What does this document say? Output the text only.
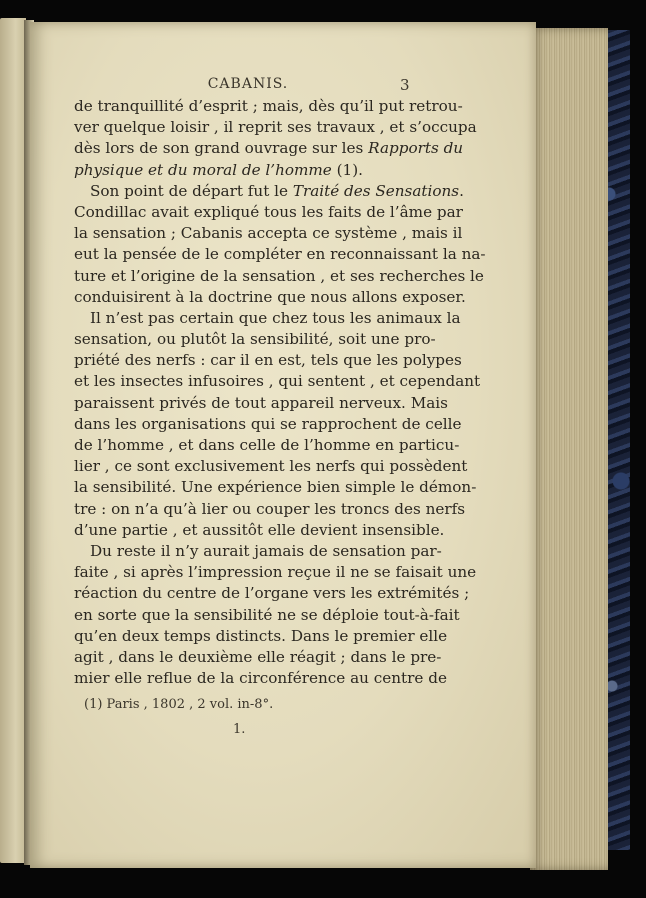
CABANIS.	3
de tranquillité d’esprit ; mais, dès qu’il put retrou-
ver quelque loisir , il reprit ses travaux , et s’occupa
dès lors de son grand ouvrage sur les Rapports du
physique et du moral de l’homme (1).
Son point de départ fut le Traité des Sensations.
Condillac avait expliqué tous les faits de l’âme par
la sensation ; Cabanis accepta ce système , mais il
eut la pensée de le compléter en reconnaissant la na-
ture et l’origine de la sensation , et ses recherches le
conduisirent à la doctrine que nous allons exposer.
Il n’est pas certain que chez tous les animaux la
sensation, ou plutôt la sensibilité, soit une pro-
priété des nerfs : car il en est, tels que les polypes
et les insectes infusoires , qui sentent , et cependant
paraissent privés de tout appareil nerveux. Mais
dans les organisations qui se rapprochent de celle
de l’homme , et dans celle de l’homme en particu-
lier , ce sont exclusivement les nerfs qui possèdent
la sensibilité. Une expérience bien simple le démon-
tre : on n’a qu’à lier ou couper les troncs des nerfs
d’une partie , et aussitôt elle devient insensible.
Du reste il n’y aurait jamais de sensation par-
faite , si après l’impression reçue il ne se faisait une
réaction du centre de l’organe vers les extrémités ;
en sorte que la sensibilité ne se déploie tout-à-fait
qu’en deux temps distincts. Dans le premier elle
agit , dans le deuxième elle réagit ; dans le pre-
mier elle reflue de la circonférence au centre de
(1) Paris , 1802 , 2 vol. in-8°.
1.
